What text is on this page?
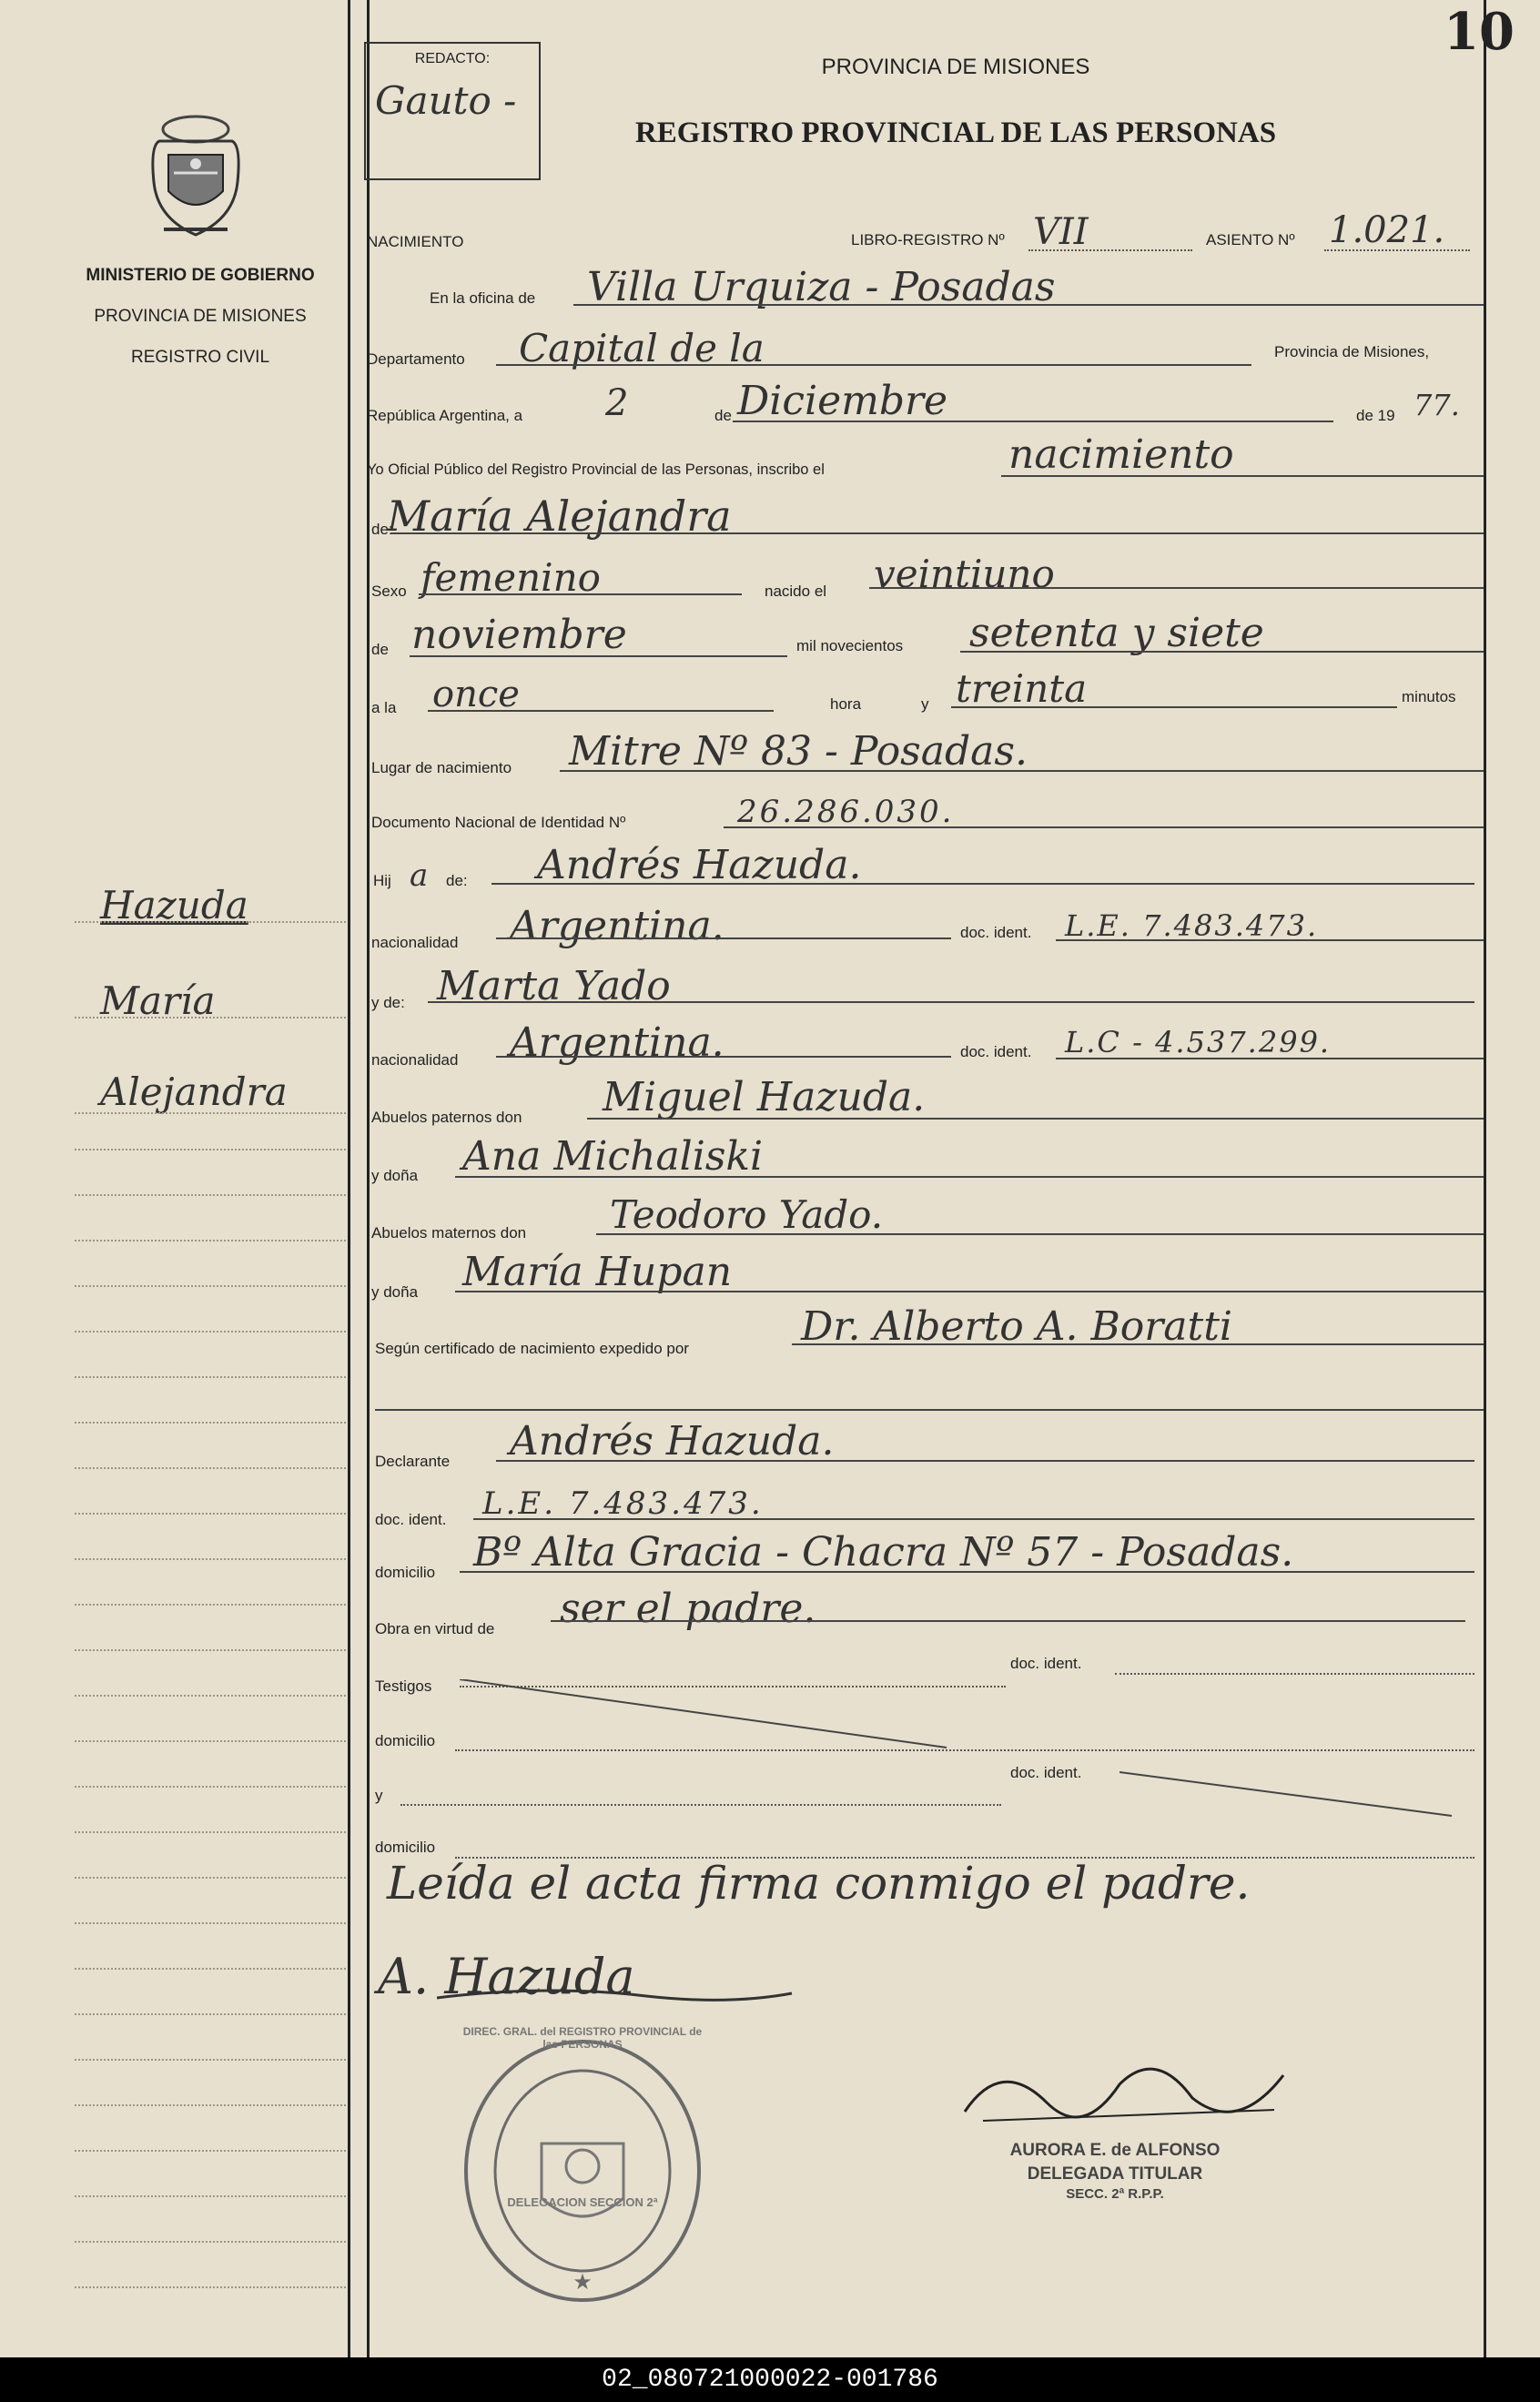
10
MINISTERIO DE GOBIERNO
PROVINCIA DE MISIONES
REGISTRO CIVIL
Hazuda
María
Alejandra
REDACTO:
Gauto -
PROVINCIA DE MISIONES
REGISTRO PROVINCIAL DE LAS PERSONAS
NACIMIENTO	LIBRO-REGISTRO Nº VII	ASIENTO Nº 1.021.
En la oficina de Villa Urquiza - Posadas
Departamento Capital de la	Provincia de Misiones,
República Argentina, a 2	de Diciembre	de 19 77.
Yo Oficial Público del Registro Provincial de las Personas, inscribo el	nacimiento
de:
María Alejandra
Sexo femenino	nacido el veintiuno
de noviembre	mil novecientos setenta y siete
a la once	hora	y treinta	minutos
Lugar de nacimiento Mitre Nº 83 - Posadas.
Documento Nacional de Identidad Nº	26.286.030.
Hij a de: Andrés Hazuda.
nacionalidad Argentina.	doc. ident. L.E. 7.483.473.
y de: Marta Yado
nacionalidad Argentina.	doc. ident. L.C - 4.537.299.
Abuelos paternos don Miguel Hazuda.
y doña Ana Michaliski
Abuelos maternos don Teodoro Yado.
y doña María Hupan
Según certificado de nacimiento expedido por	Dr. Alberto A. Boratti
Declarante Andrés Hazuda.
doc. ident. L.E. 7.483.473.
domicilio Bº Alta Gracia - Chacra Nº 57 - Posadas.
Obra en virtud de ser el padre.
Testigos
doc. ident.
domicilio
y
doc. ident.
domicilio
Leída el acta firma conmigo el padre.
A. Hazuda
★
DIREC. GRAL. del REGISTRO PROVINCIAL de las PERSONAS
DELEGACION SECCION 2ª
AURORA E. de ALFONSO
DELEGADA TITULAR
SECC. 2ª R.P.P.
02_080721000022-001786
